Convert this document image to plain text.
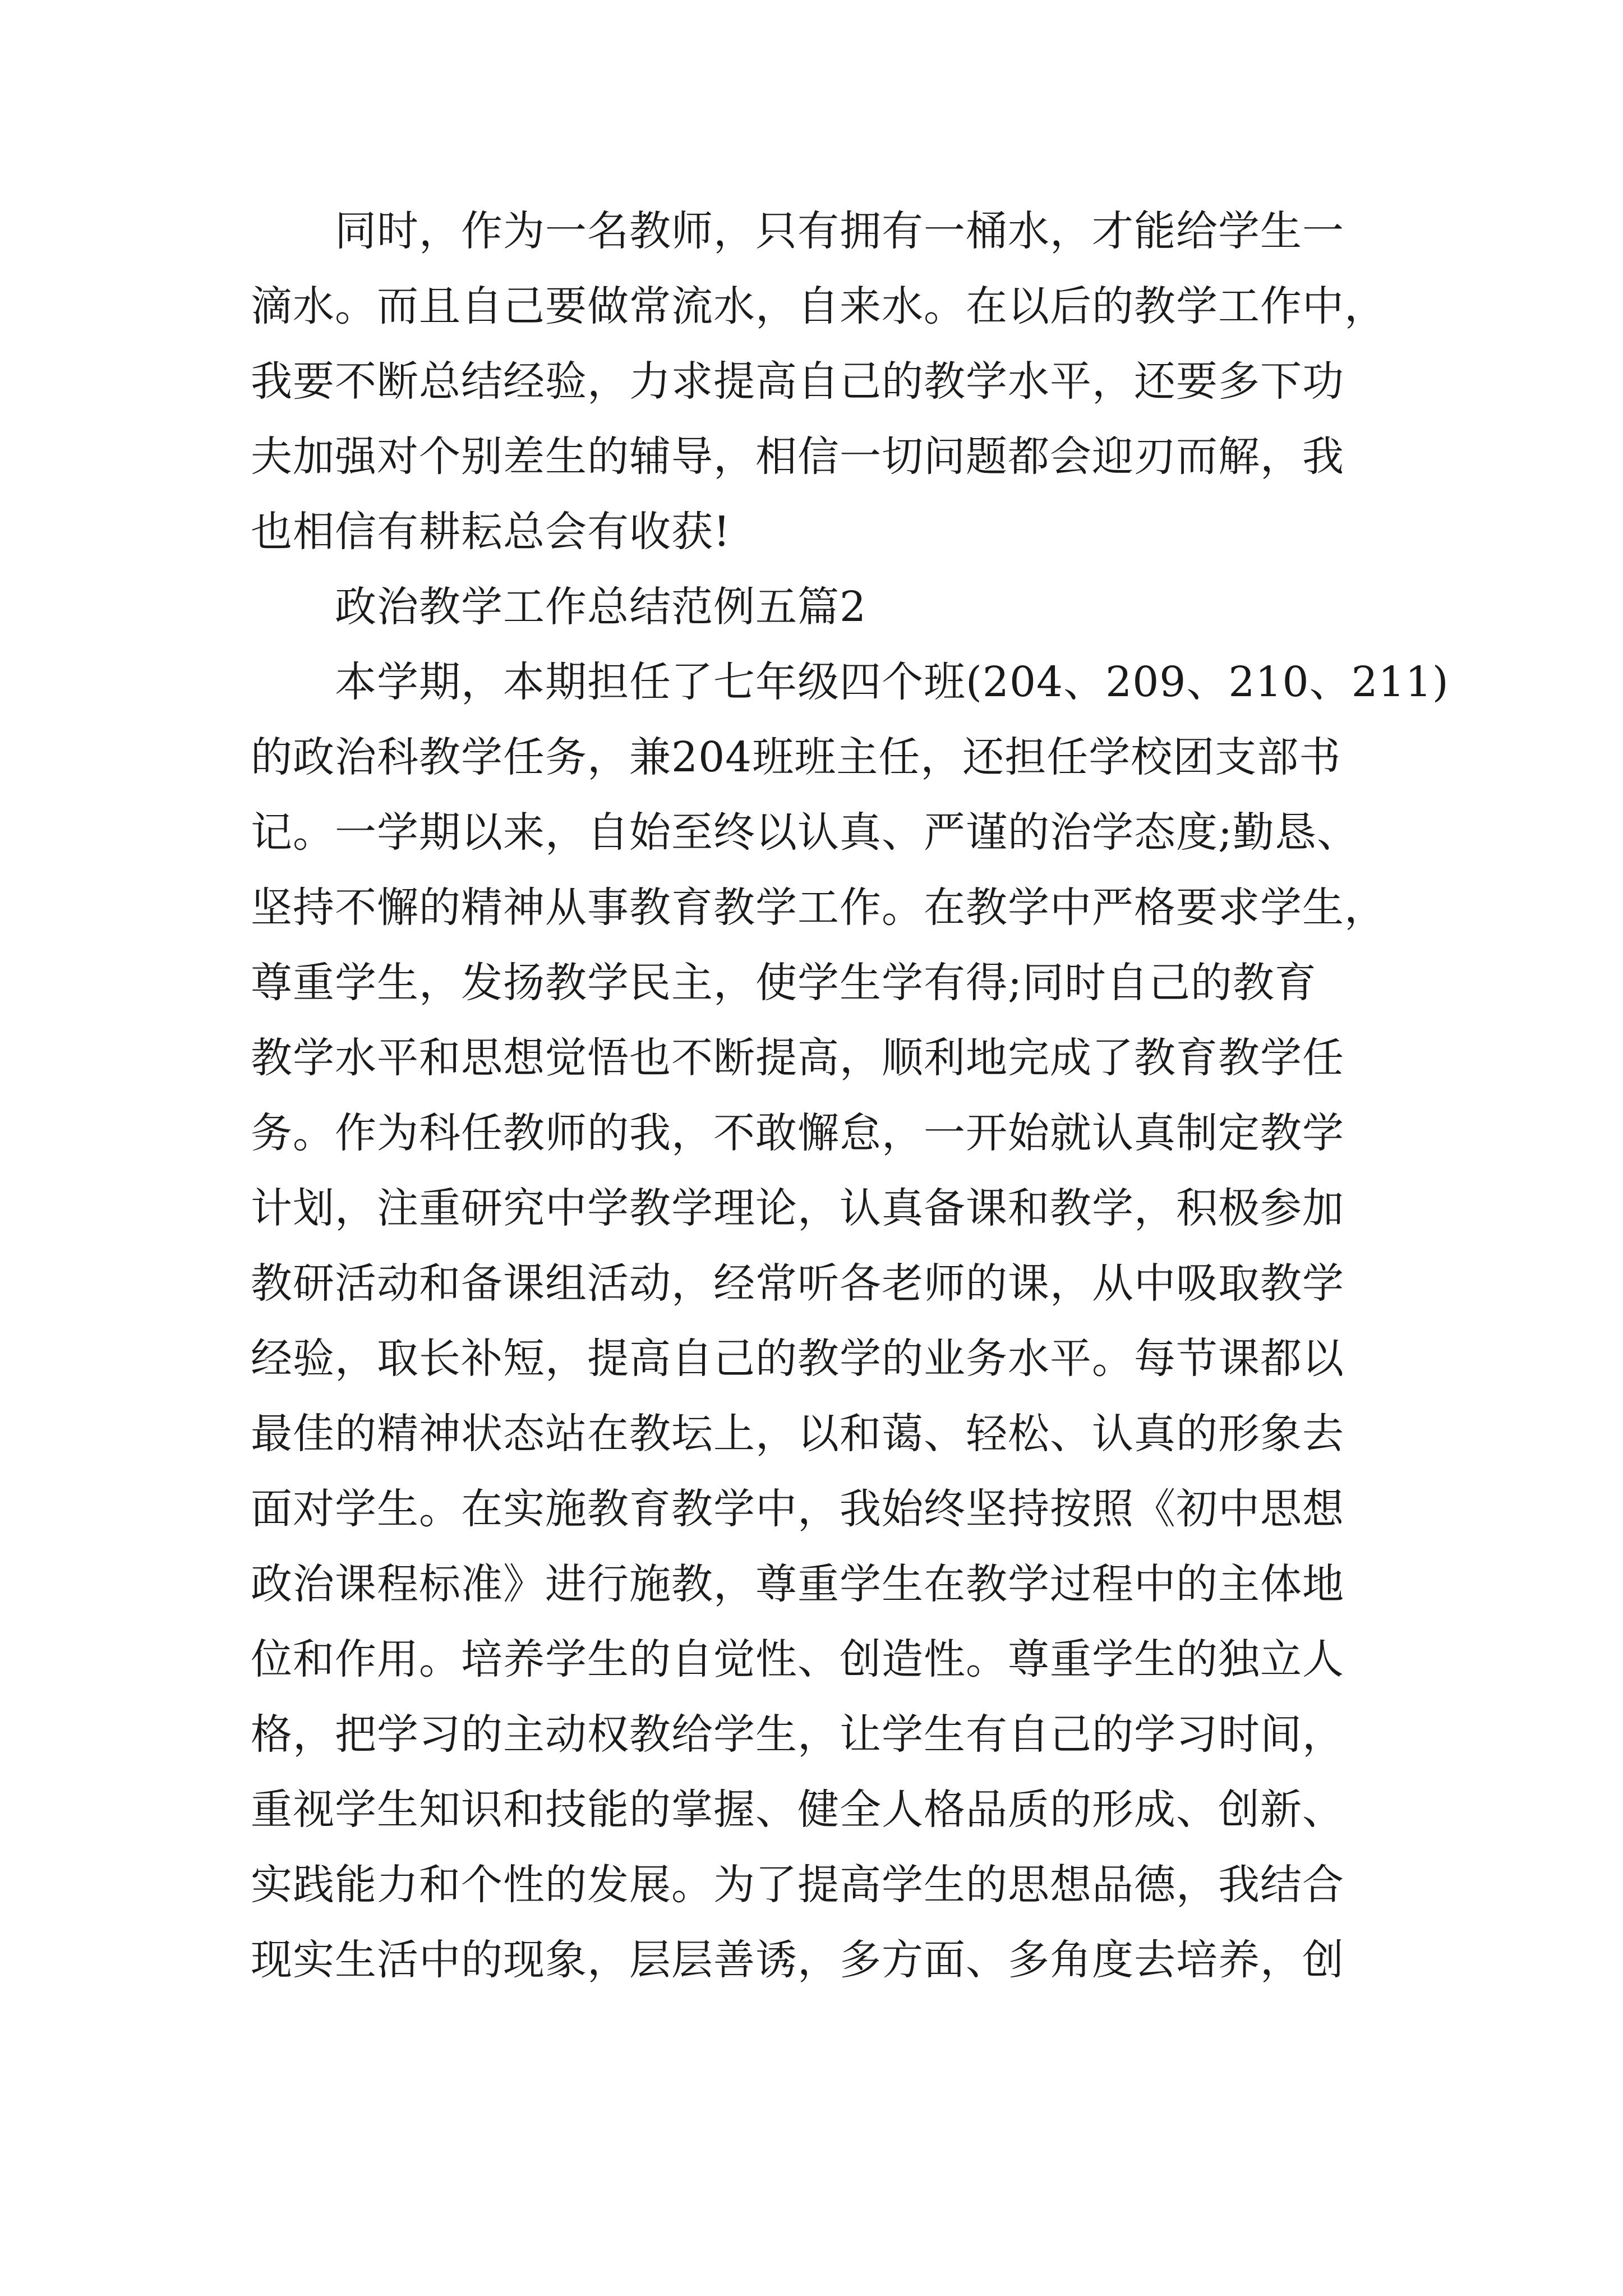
同时，作为一名教师，只有拥有一桶水，才能给学生一
滴水。而且自己要做常流水，自来水。在以后的教学工作中，
我要不断总结经验，力求提高自己的教学水平，还要多下功
夫加强对个别差生的辅导，相信一切问题都会迎刃而解，我
也相信有耕耘总会有收获!
政治教学工作总结范例五篇2
本学期，本期担任了七年级四个班(204、209、210、211)
的政治科教学任务，兼204班班主任，还担任学校团支部书
记。一学期以来，自始至终以认真、严谨的治学态度;勤恳、
坚持不懈的精神从事教育教学工作。在教学中严格要求学生，
尊重学生，发扬教学民主，使学生学有得;同时自己的教育
教学水平和思想觉悟也不断提高，顺利地完成了教育教学任
务。作为科任教师的我，不敢懈怠，一开始就认真制定教学
计划，注重研究中学教学理论，认真备课和教学，积极参加
教研活动和备课组活动，经常听各老师的课，从中吸取教学
经验，取长补短，提高自己的教学的业务水平。每节课都以
最佳的精神状态站在教坛上，以和蔼、轻松、认真的形象去
面对学生。在实施教育教学中，我始终坚持按照《初中思想
政治课程标准》进行施教，尊重学生在教学过程中的主体地
位和作用。培养学生的自觉性、创造性。尊重学生的独立人
格，把学习的主动权教给学生，让学生有自己的学习时间，
重视学生知识和技能的掌握、健全人格品质的形成、创新、
实践能力和个性的发展。为了提高学生的思想品德，我结合
现实生活中的现象，层层善诱，多方面、多角度去培养，创
